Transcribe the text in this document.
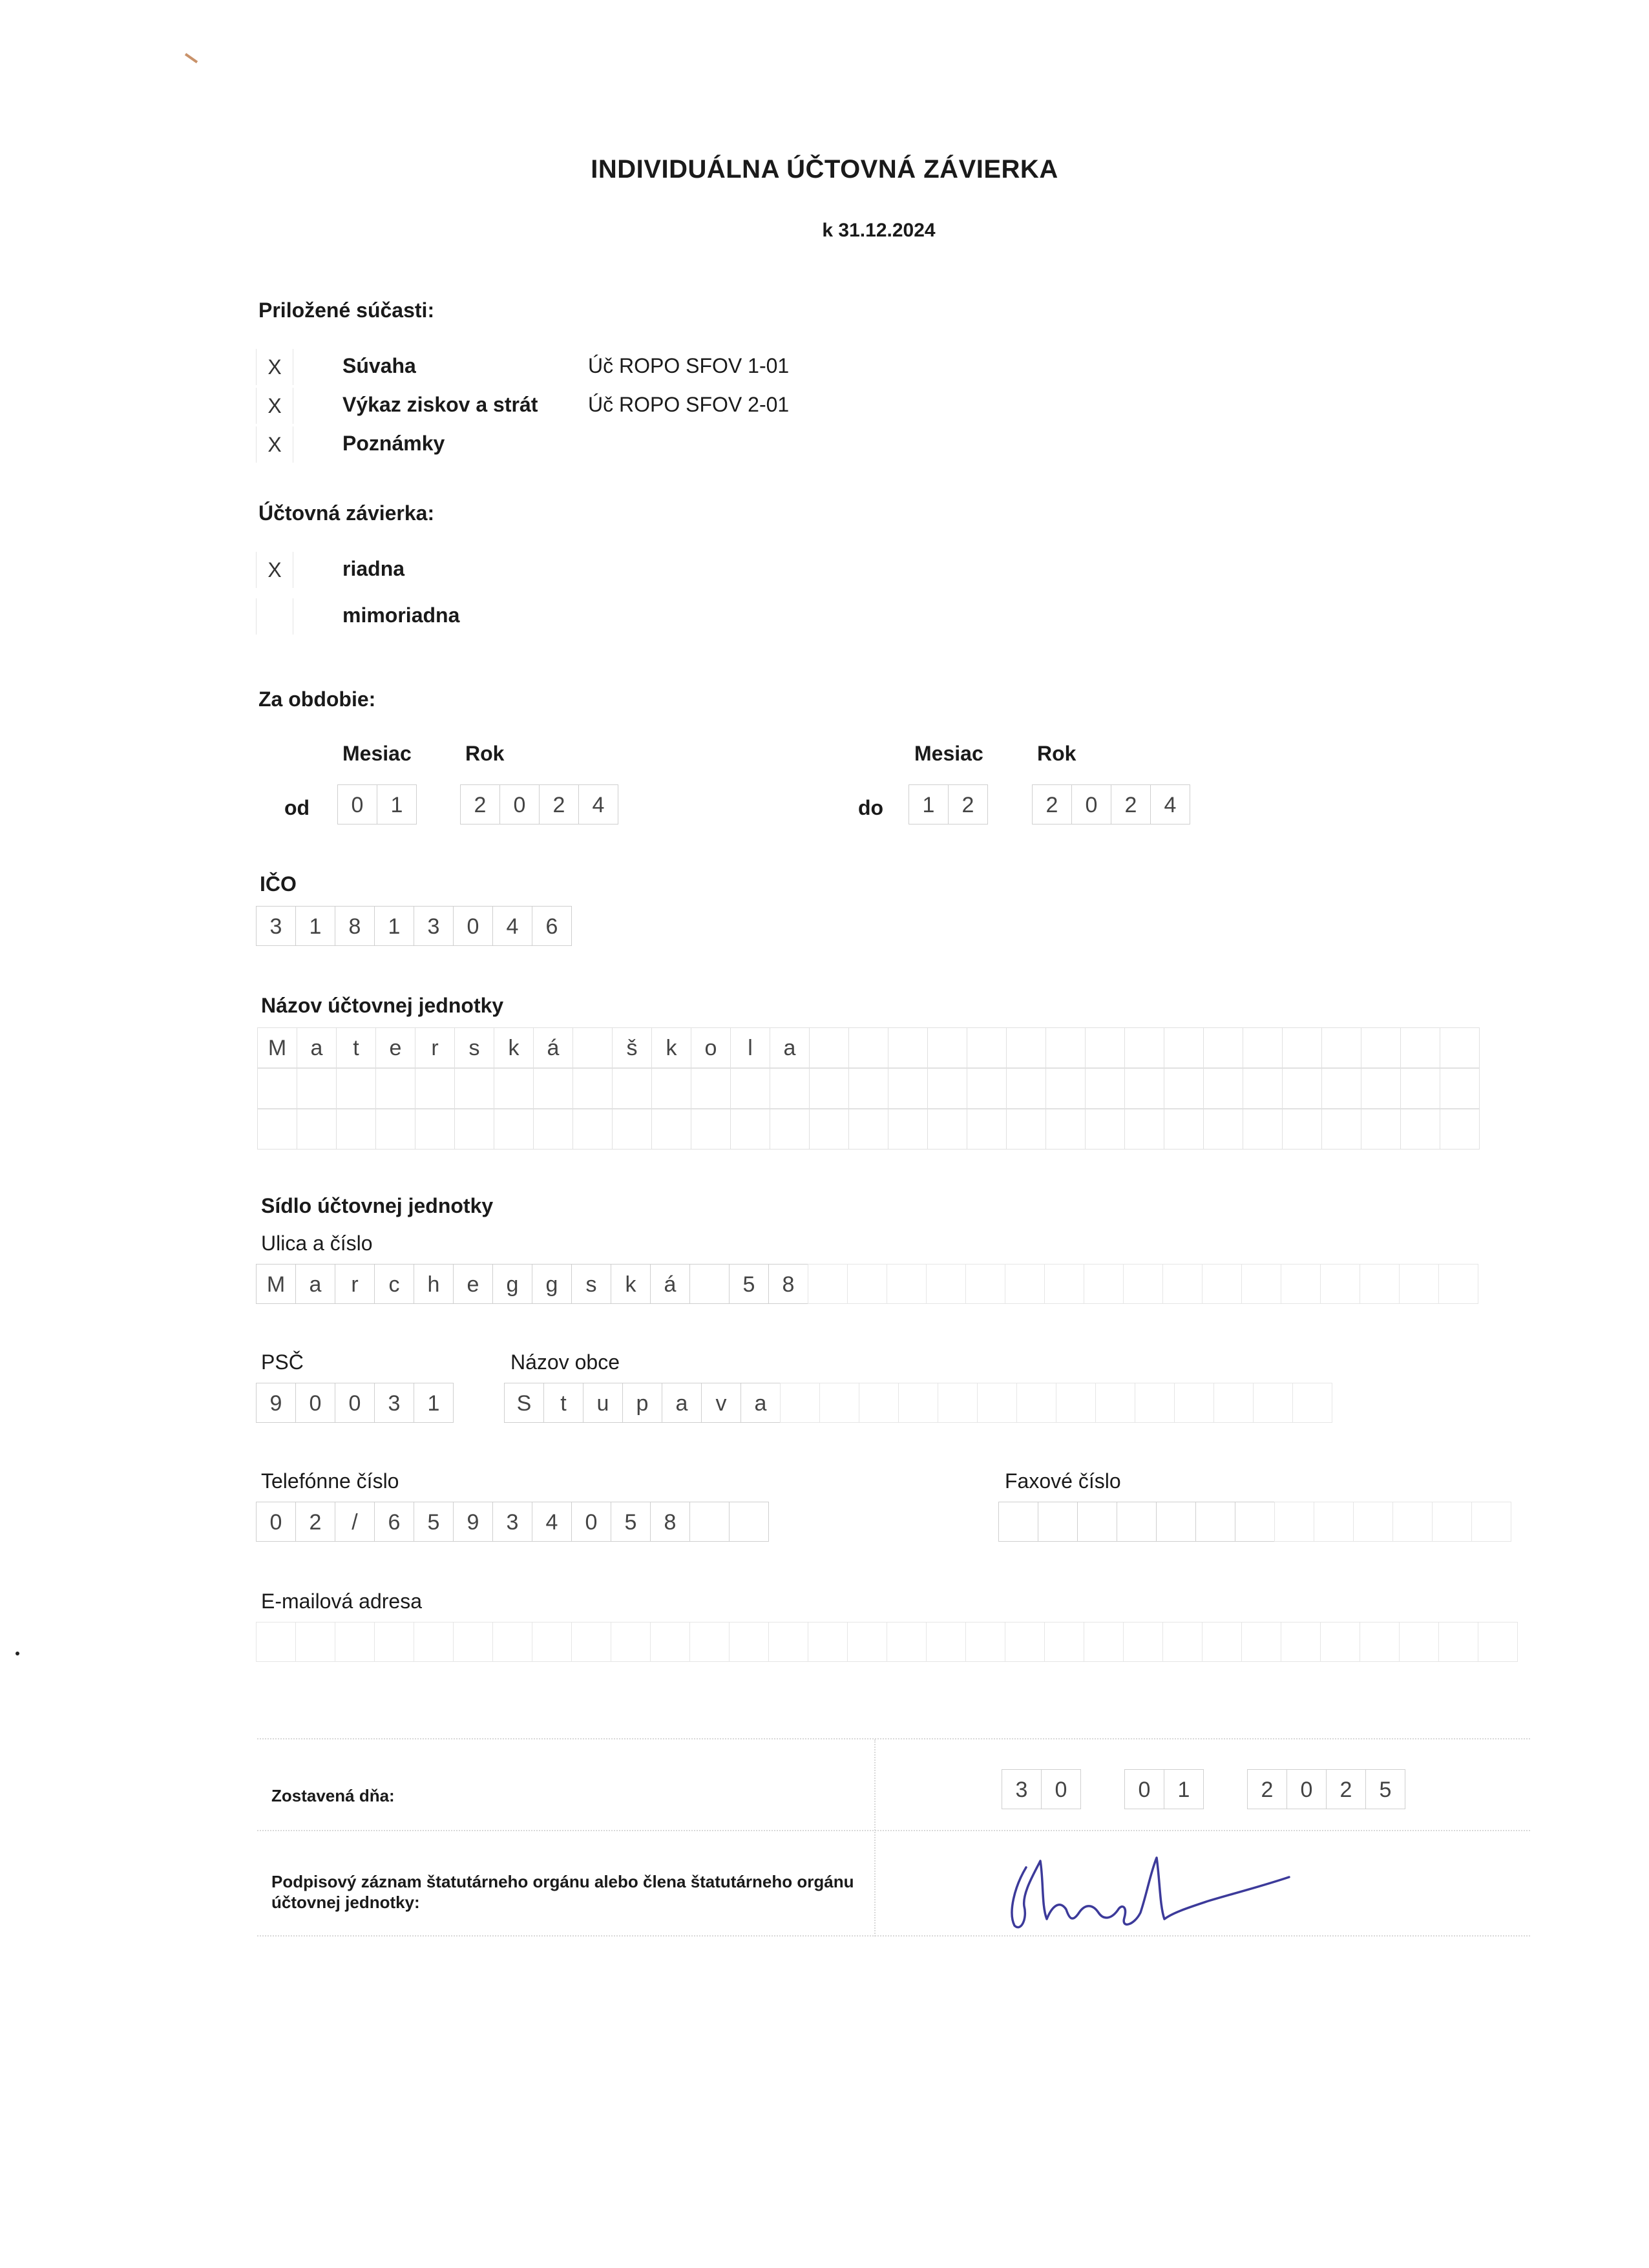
INDIVIDUÁLNA ÚČTOVNÁ ZÁVIERKA
k 31.12.2024
Priložené súčasti:
X	Súvaha	Úč ROPO SFOV 1-01
X	Výkaz ziskov a strát Úč ROPO SFOV 2-01
X	Poznámky
Účtovná závierka:
X	riadna
mimoriadna
Za obdobie:
Mesiac	Rok	Mesiac	Rok
od	0	1	2	0	2	4	do	1	2	2	0	2	4
IČO
3	1	8	1	3	0	4	6
Názov účtovnej jednotky
M	a	t	e	r	s	k	á	š	k	o	l	a
Sídlo účtovnej jednotky
Ulica a číslo
M	a	r	c	h	e	g	g	s	k	á	5	8
PSČ	Názov obce
9	0	0	3	1	S	t	u	p	a	v	a
Telefónne číslo	Faxové číslo
0	2	/	6	5	9	3	4	0	5	8
E-mailová adresa
Zostavená dňa:	3	0	0	1	2	0	2	5
Podpisový záznam štatutárneho orgánu alebo člena štatutárneho orgánu účtovnej jednotky:
